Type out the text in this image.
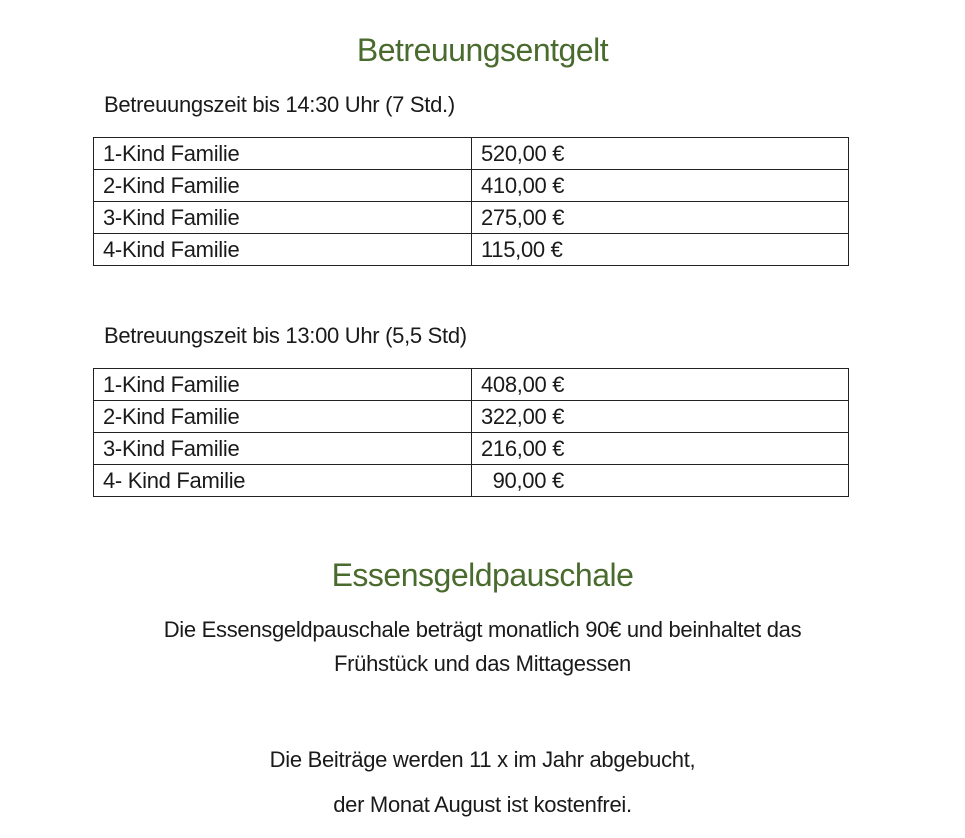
Betreuungsentgelt

Betreuungszeit bis 14:30 Uhr (7 Std.)

1-Kind Familie	520,00 €
2-Kind Familie	410,00 €
3-Kind Familie	275,00 €
4-Kind Familie	115,00 €

Betreuungszeit bis 13:00 Uhr (5,5 Std)

1-Kind Familie	408,00 €
2-Kind Familie	322,00 €
3-Kind Familie	216,00 €
4- Kind Familie	90,00 €
Essensgeldpauschale

Die Essensgeldpauschale beträgt monatlich 90€ und beinhaltet das

Frühstück und das Mittagessen

Die Beiträge werden 11 x im Jahr abgebucht,

der Monat August ist kostenfrei.
